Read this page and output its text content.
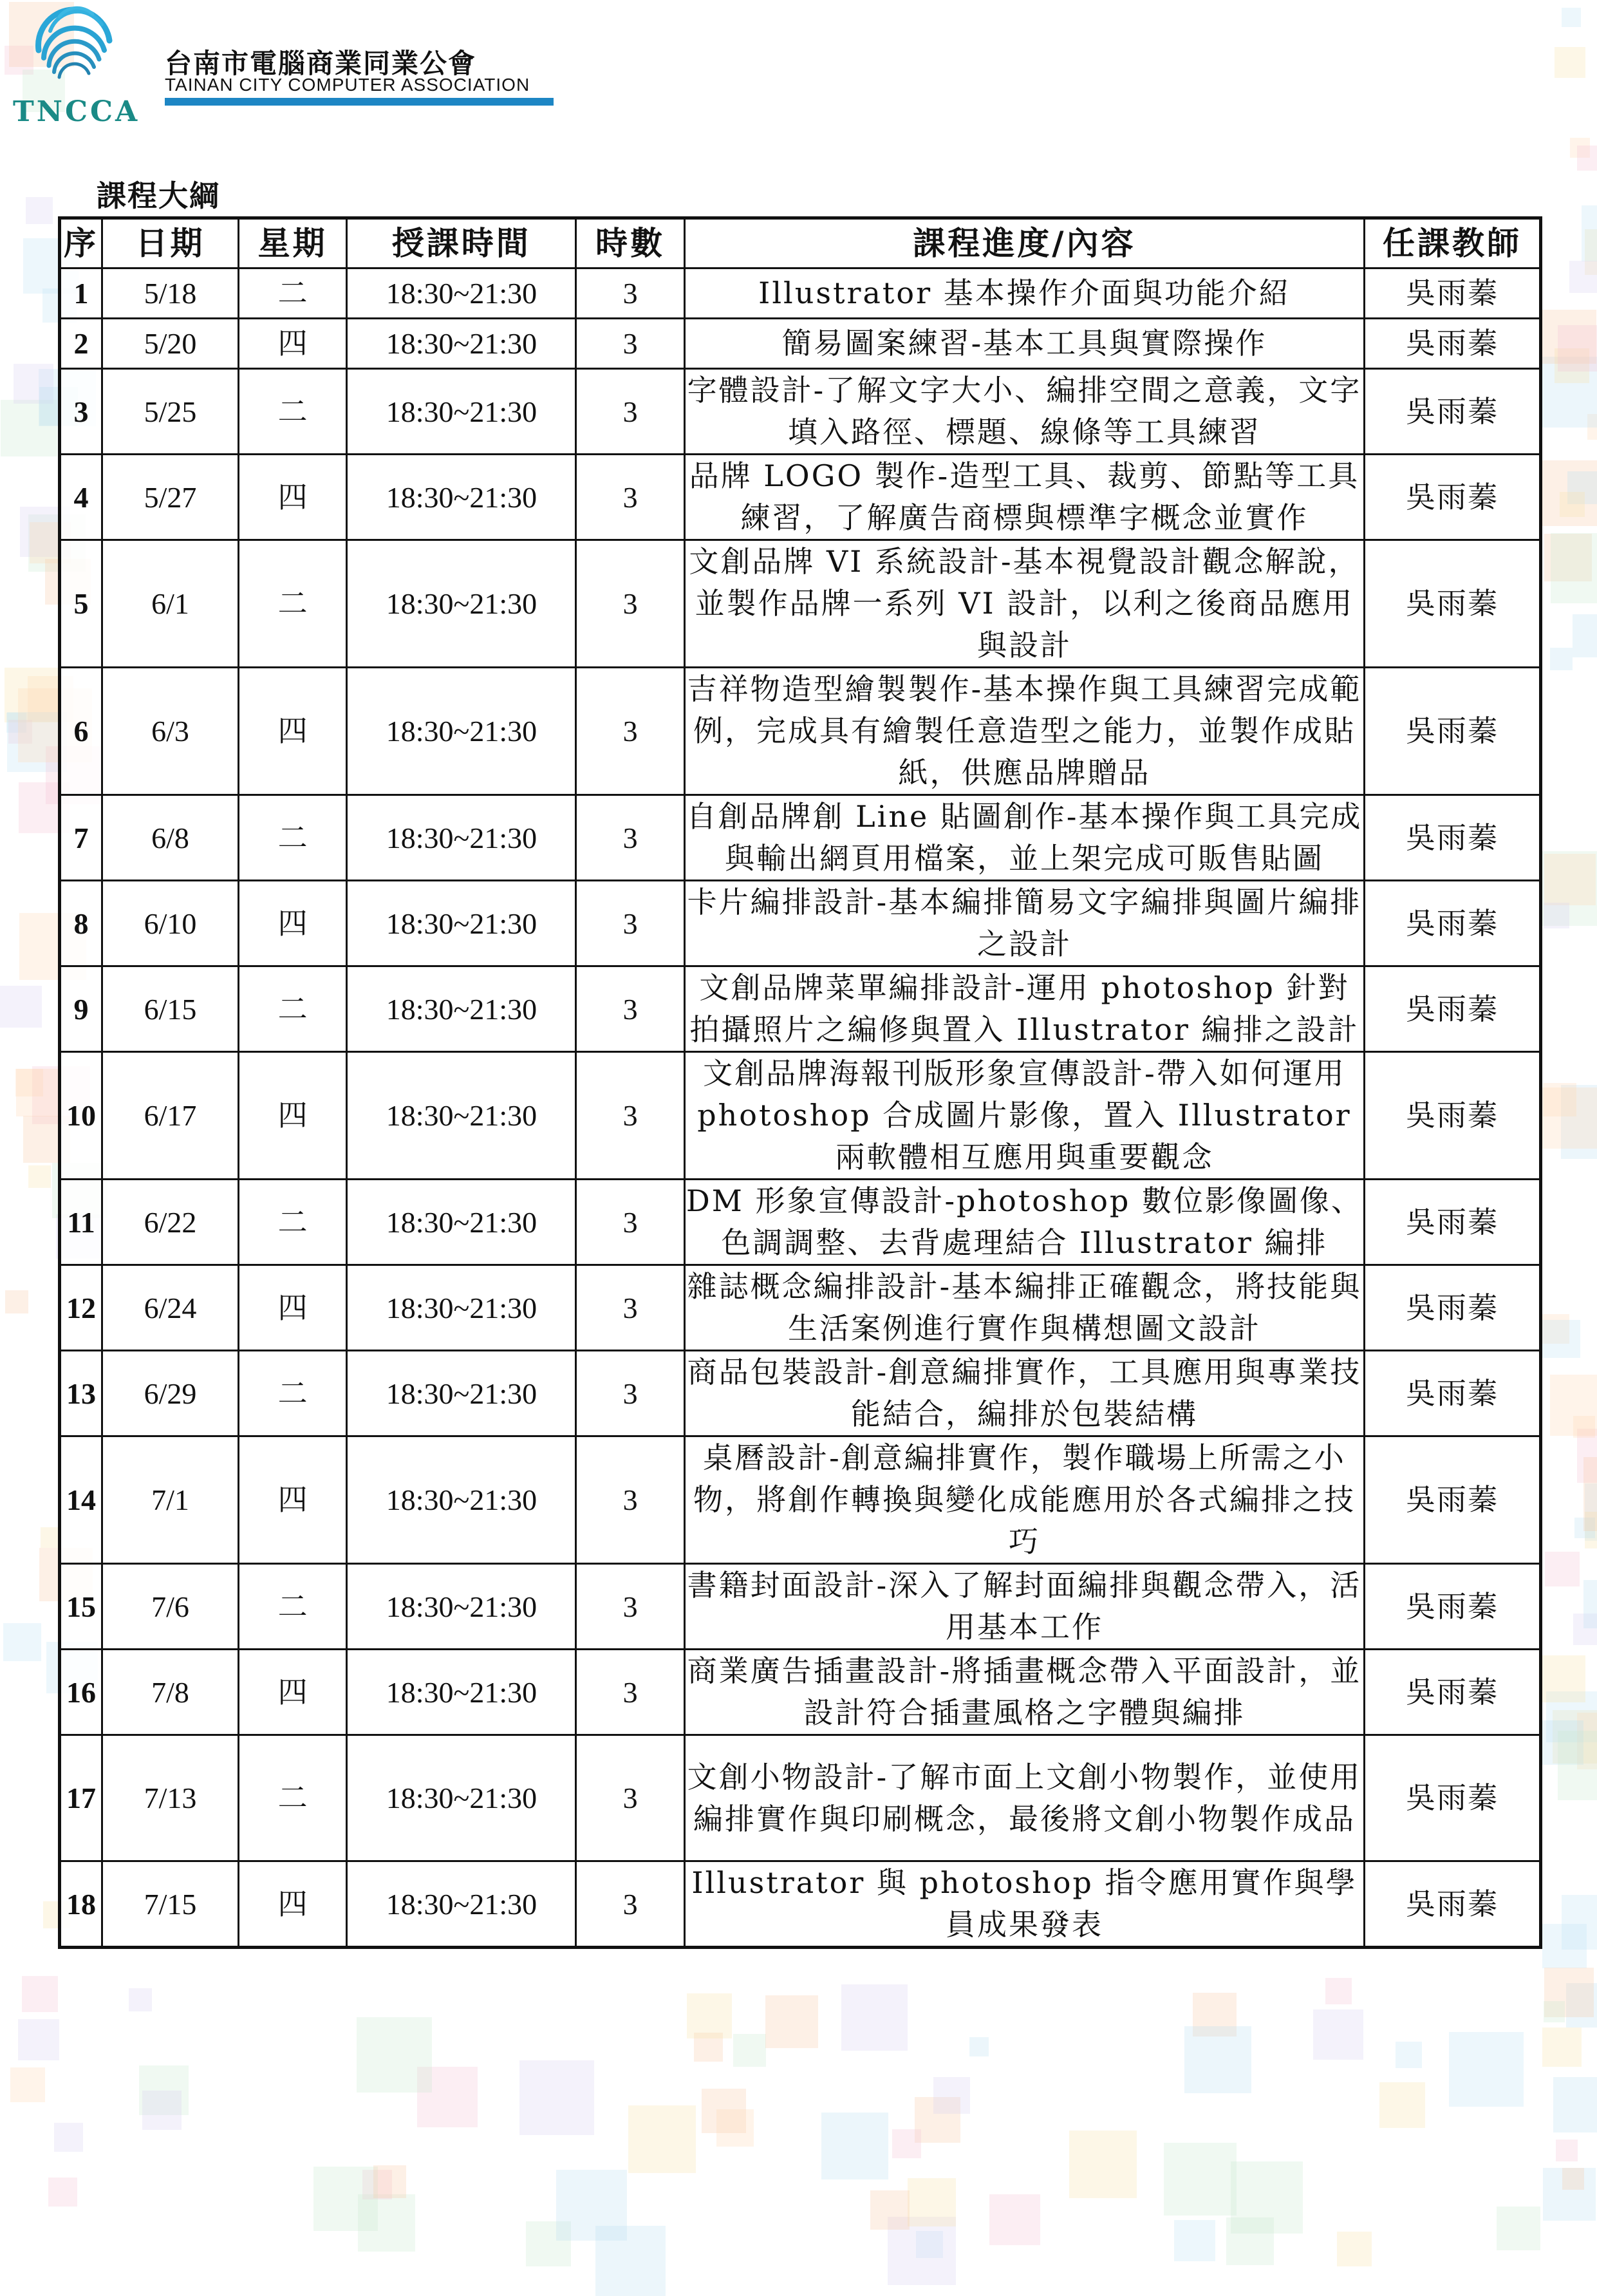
TNCCA
台南市電腦商業同業公會
TAINAN CITY COMPUTER ASSOCIATION
課程大綱
序	日期	星期	授課時間	時數	課程進度/內容	任課教師
1	5/18	二	18:30~21:30	3	Illustrator 基本操作介面與功能介紹	吳雨蓁
2	5/20	四	18:30~21:30	3	簡易圖案練習-基本工具與實際操作	吳雨蓁
3	5/25	二	18:30~21:30	3	字體設計-了解文字大小、編排空間之意義，文字填入路徑、標題、線條等工具練習	吳雨蓁
4	5/27	四	18:30~21:30	3	品牌 LOGO 製作-造型工具、裁剪、節點等工具練習，了解廣告商標與標準字概念並實作	吳雨蓁
5	6/1	二	18:30~21:30	3	文創品牌 VI 系統設計-基本視覺設計觀念解說，並製作品牌一系列 VI 設計，以利之後商品應用與設計	吳雨蓁
6	6/3	四	18:30~21:30	3	吉祥物造型繪製製作-基本操作與工具練習完成範例，完成具有繪製任意造型之能力，並製作成貼紙，供應品牌贈品	吳雨蓁
7	6/8	二	18:30~21:30	3	自創品牌創 Line 貼圖創作-基本操作與工具完成與輸出網頁用檔案，並上架完成可販售貼圖	吳雨蓁
8	6/10	四	18:30~21:30	3	卡片編排設計-基本編排簡易文字編排與圖片編排之設計	吳雨蓁
9	6/15	二	18:30~21:30	3	文創品牌菜單編排設計-運用 photoshop 針對拍攝照片之編修與置入 Illustrator 編排之設計	吳雨蓁
10	6/17	四	18:30~21:30	3	文創品牌海報刊版形象宣傳設計-帶入如何運用 photoshop 合成圖片影像，置入 Illustrator 兩軟體相互應用與重要觀念	吳雨蓁
11	6/22	二	18:30~21:30	3	DM 形象宣傳設計-photoshop 數位影像圖像、色調調整、去背處理結合 Illustrator 編排	吳雨蓁
12	6/24	四	18:30~21:30	3	雜誌概念編排設計-基本編排正確觀念，將技能與生活案例進行實作與構想圖文設計	吳雨蓁
13	6/29	二	18:30~21:30	3	商品包裝設計-創意編排實作，工具應用與專業技能結合，編排於包裝結構	吳雨蓁
14	7/1	四	18:30~21:30	3	桌曆設計-創意編排實作，製作職場上所需之小物，將創作轉換與變化成能應用於各式編排之技巧	吳雨蓁
15	7/6	二	18:30~21:30	3	書籍封面設計-深入了解封面編排與觀念帶入，活用基本工作	吳雨蓁
16	7/8	四	18:30~21:30	3	商業廣告插畫設計-將插畫概念帶入平面設計，並設計符合插畫風格之字體與編排	吳雨蓁
17	7/13	二	18:30~21:30	3	文創小物設計-了解市面上文創小物製作，並使用編排實作與印刷概念，最後將文創小物製作成品	吳雨蓁
18	7/15	四	18:30~21:30	3	Illustrator 與 photoshop 指令應用實作與學員成果發表	吳雨蓁
